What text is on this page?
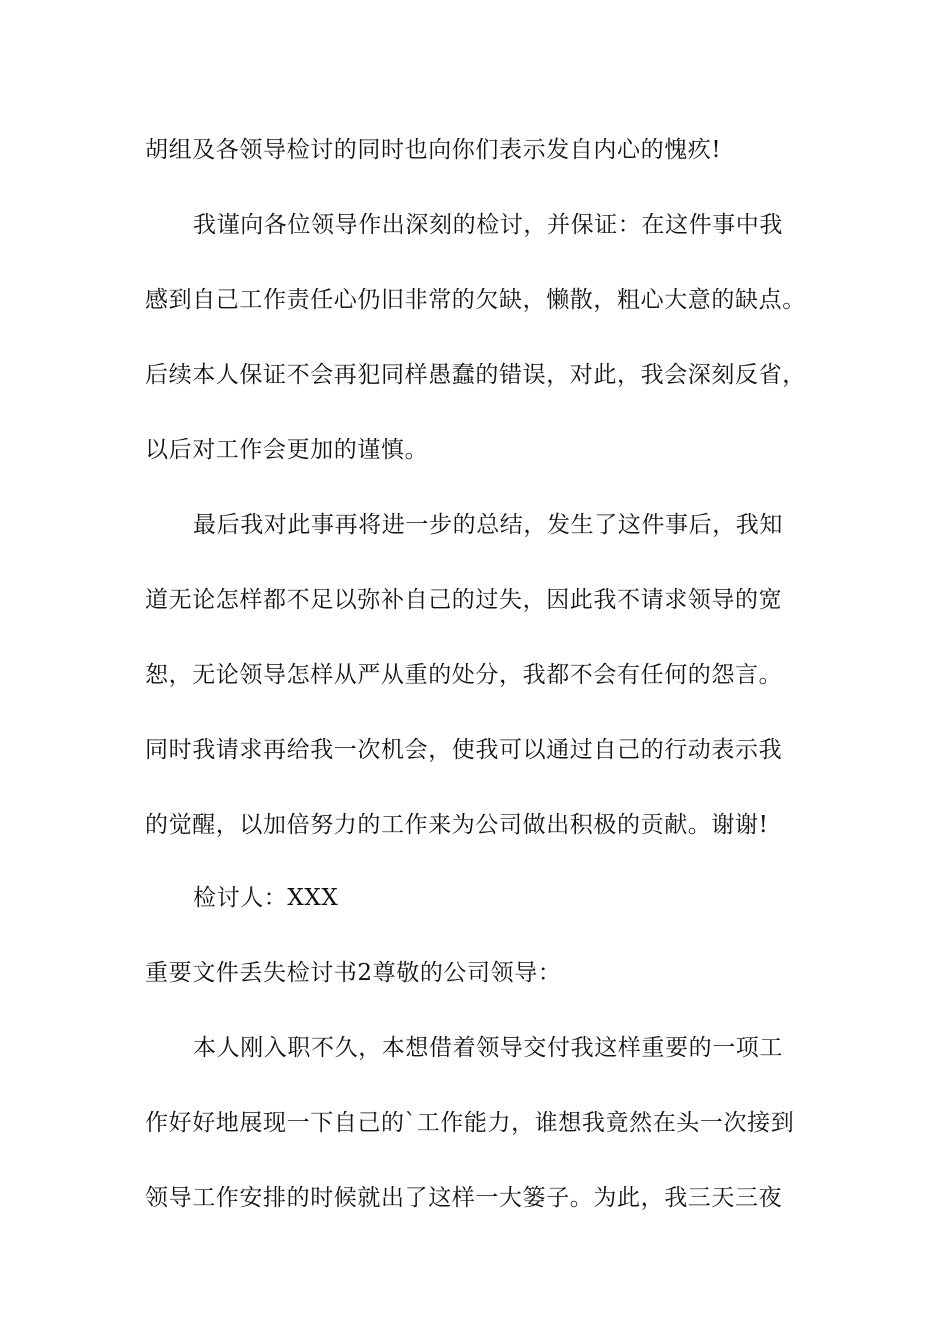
胡组及各领导检讨的同时也向你们表示发自内心的愧疚!
我谨向各位领导作出深刻的检讨，并保证：在这件事中我
感到自己工作责任心仍旧非常的欠缺，懒散，粗心大意的缺点。
后续本人保证不会再犯同样愚蠢的错误，对此，我会深刻反省，
以后对工作会更加的谨慎。
最后我对此事再将进一步的总结，发生了这件事后，我知
道无论怎样都不足以弥补自己的过失，因此我不请求领导的宽
恕，无论领导怎样从严从重的处分，我都不会有任何的怨言。
同时我请求再给我一次机会，使我可以通过自己的行动表示我
的觉醒，以加倍努力的工作来为公司做出积极的贡献。谢谢!
检讨人：XXX
重要文件丢失检讨书2尊敬的公司领导：
本人刚入职不久，本想借着领导交付我这样重要的一项工
作好好地展现一下自己的`工作能力，谁想我竟然在头一次接到
领导工作安排的时候就出了这样一大篓子。为此，我三天三夜
